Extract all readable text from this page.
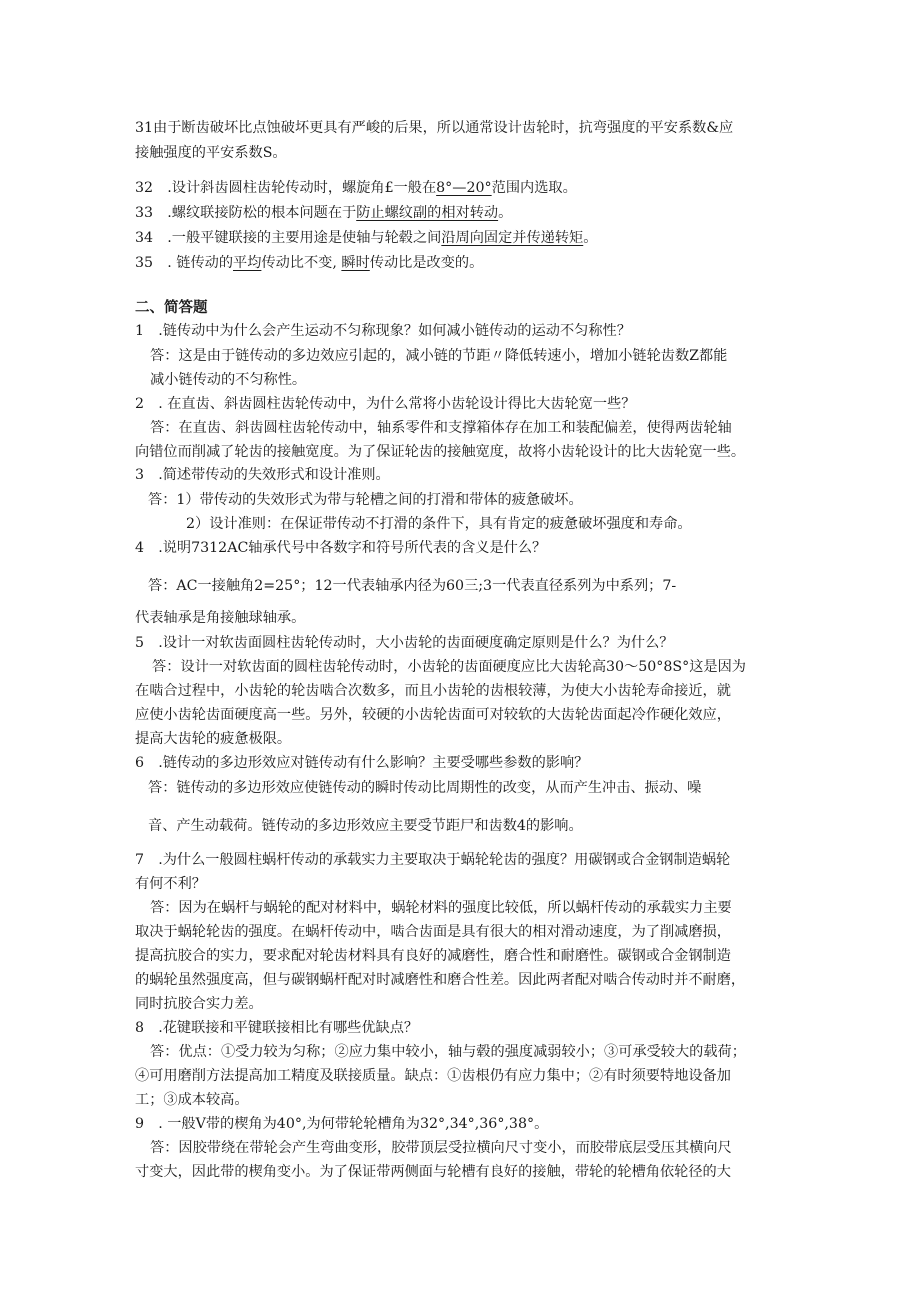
31由于断齿破坏比点蚀破坏更具有严峻的后果，所以通常设计齿轮时，抗弯强度的平安系数&应
接触强度的平安系数S。
32　.设计斜齿圆柱齿轮传动时，螺旋角£一般在8°—20°范围内选取。
33　.螺纹联接防松的根本问题在于防止螺纹副的相对转动。
34　.一般平键联接的主要用途是使轴与轮毂之间沿周向固定并传递转矩。
35　. 链传动的平均传动比不变, 瞬时传动比是改变的。
二、简答题
1　.链传动中为什么会产生运动不匀称现象？如何减小链传动的运动不匀称性？
答：这是由于链传动的多边效应引起的，减小链的节距〃降低转速小，增加小链轮齿数Z都能
减小链传动的不匀称性。
2　. 在直齿、斜齿圆柱齿轮传动中，为什么常将小齿轮设计得比大齿轮宽一些？
答：在直齿、斜齿圆柱齿轮传动中，轴系零件和支撑箱体存在加工和装配偏差，使得两齿轮轴
向错位而削减了轮齿的接触宽度。为了保证轮齿的接触宽度，故将小齿轮设计的比大齿轮宽一些。
3　.简述带传动的失效形式和设计准则。
答：1）带传动的失效形式为带与轮槽之间的打滑和带体的疲惫破坏。
2）设计准则：在保证带传动不打滑的条件下，具有肯定的疲惫破坏强度和寿命。
4　.说明7312AC轴承代号中各数字和符号所代表的含义是什么？
答：AC一接触角2=25°；12一代表轴承内径为60三;3一代表直径系列为中系列；7-
代表轴承是角接触球轴承。
5　.设计一对软齿面圆柱齿轮传动时，大小齿轮的齿面硬度确定原则是什么？为什么？
答：设计一对软齿面的圆柱齿轮传动时，小齿轮的齿面硬度应比大齿轮高30〜50°8S°这是因为
在啮合过程中，小齿轮的轮齿啮合次数多，而且小齿轮的齿根较薄，为使大小齿轮寿命接近，就
应使小齿轮齿面硬度高一些。另外，较硬的小齿轮齿面可对较软的大齿轮齿面起冷作硬化效应，
提高大齿轮的疲惫极限。
6　.链传动的多边形效应对链传动有什么影响？主要受哪些参数的影响？
答：链传动的多边形效应使链传动的瞬时传动比周期性的改变，从而产生冲击、振动、噪
音、产生动载荷。链传动的多边形效应主要受节距尸和齿数4的影响。
7　.为什么一般圆柱蜗杆传动的承载实力主要取决于蜗轮轮齿的强度？用碳钢或合金钢制造蜗轮
有何不利？
答：因为在蜗杆与蜗轮的配对材料中，蜗轮材料的强度比较低，所以蜗杆传动的承载实力主要
取决于蜗轮轮齿的强度。在蜗杆传动中，啮合齿面是具有很大的相对滑动速度，为了削减磨损，
提高抗胶合的实力，要求配对轮齿材料具有良好的减磨性，磨合性和耐磨性。碳钢或合金钢制造
的蜗轮虽然强度高，但与碳钢蜗杆配对时减磨性和磨合性差。因此两者配对啮合传动时并不耐磨，
同时抗胶合实力差。
8　.花键联接和平键联接相比有哪些优缺点？
答：优点：①受力较为匀称；②应力集中较小，轴与毂的强度减弱较小；③可承受较大的载荷；
④可用磨削方法提高加工精度及联接质量。缺点：①齿根仍有应力集中；②有时须要特地设备加
工；③成本较高。
9　. 一般V带的楔角为40°,为何带轮轮槽角为32°,34°,36°,38°。
答：因胶带绕在带轮会产生弯曲变形，胶带顶层受拉横向尺寸变小，而胶带底层受压其横向尺
寸变大，因此带的楔角变小。为了保证带两侧面与轮槽有良好的接触，带轮的轮槽角依轮径的大
